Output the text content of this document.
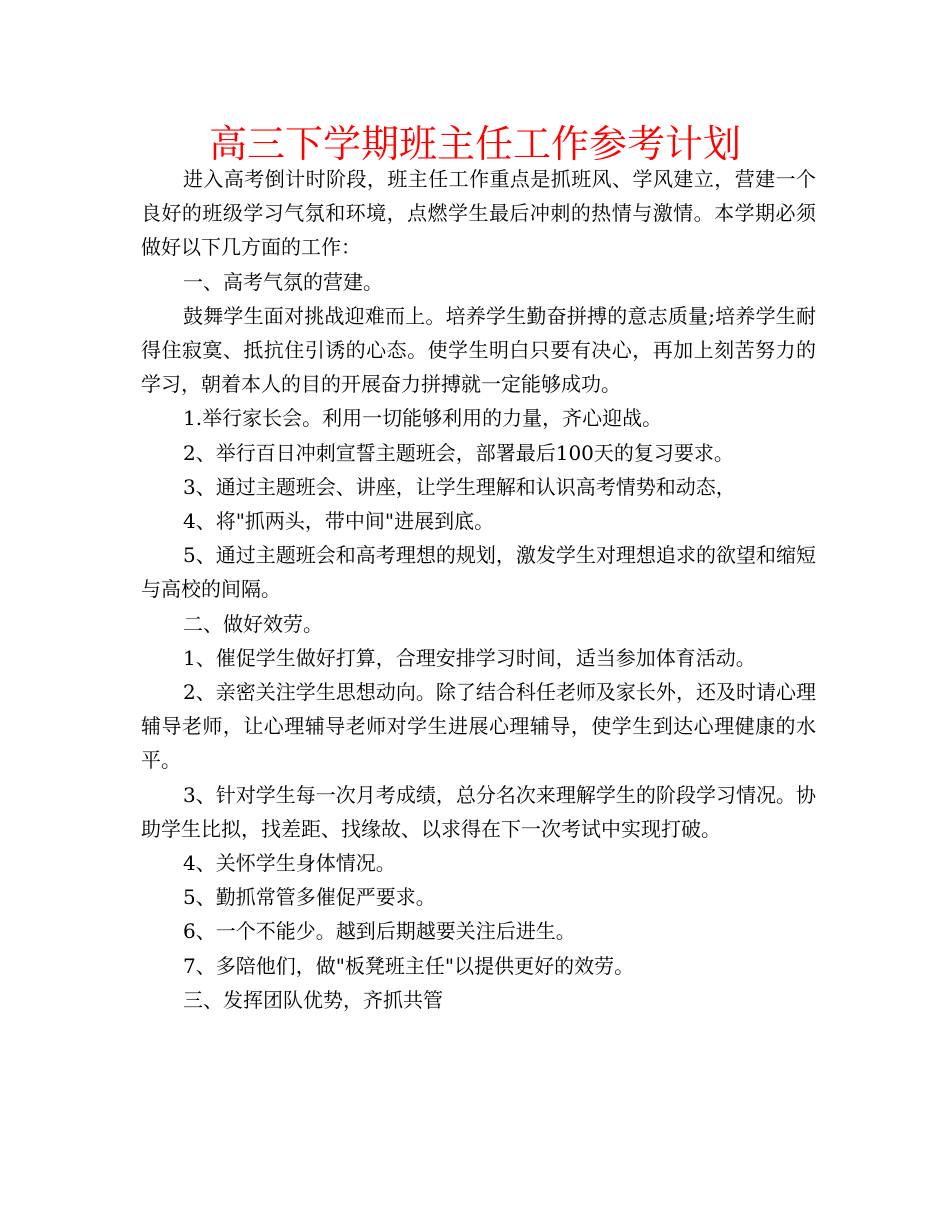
高三下学期班主任工作参考计划

进入高考倒计时阶段，班主任工作重点是抓班风、学风建立，营建一个良好的班级学习气氛和环境，点燃学生最后冲刺的热情与激情。本学期必须做好以下几方面的工作：

一、高考气氛的营建。

鼓舞学生面对挑战迎难而上。培养学生勤奋拼搏的意志质量;培养学生耐得住寂寞、抵抗住引诱的心态。使学生明白只要有决心，再加上刻苦努力的学习，朝着本人的目的开展奋力拼搏就一定能够成功。

1.举行家长会。利用一切能够利用的力量，齐心迎战。

2、举行百日冲刺宣誓主题班会，部署最后100天的复习要求。

3、通过主题班会、讲座，让学生理解和认识高考情势和动态，

4、将"抓两头，带中间"进展到底。

5、通过主题班会和高考理想的规划，激发学生对理想追求的欲望和缩短与高校的间隔。

二、做好效劳。

1、催促学生做好打算，合理安排学习时间，适当参加体育活动。

2、亲密关注学生思想动向。除了结合科任老师及家长外，还及时请心理辅导老师，让心理辅导老师对学生进展心理辅导，使学生到达心理健康的水平。

3、针对学生每一次月考成绩，总分名次来理解学生的阶段学习情况。协助学生比拟，找差距、找缘故、以求得在下一次考试中实现打破。

4、关怀学生身体情况。

5、勤抓常管多催促严要求。

6、一个不能少。越到后期越要关注后进生。

7、多陪他们，做"板凳班主任"以提供更好的效劳。

三、发挥团队优势，齐抓共管
